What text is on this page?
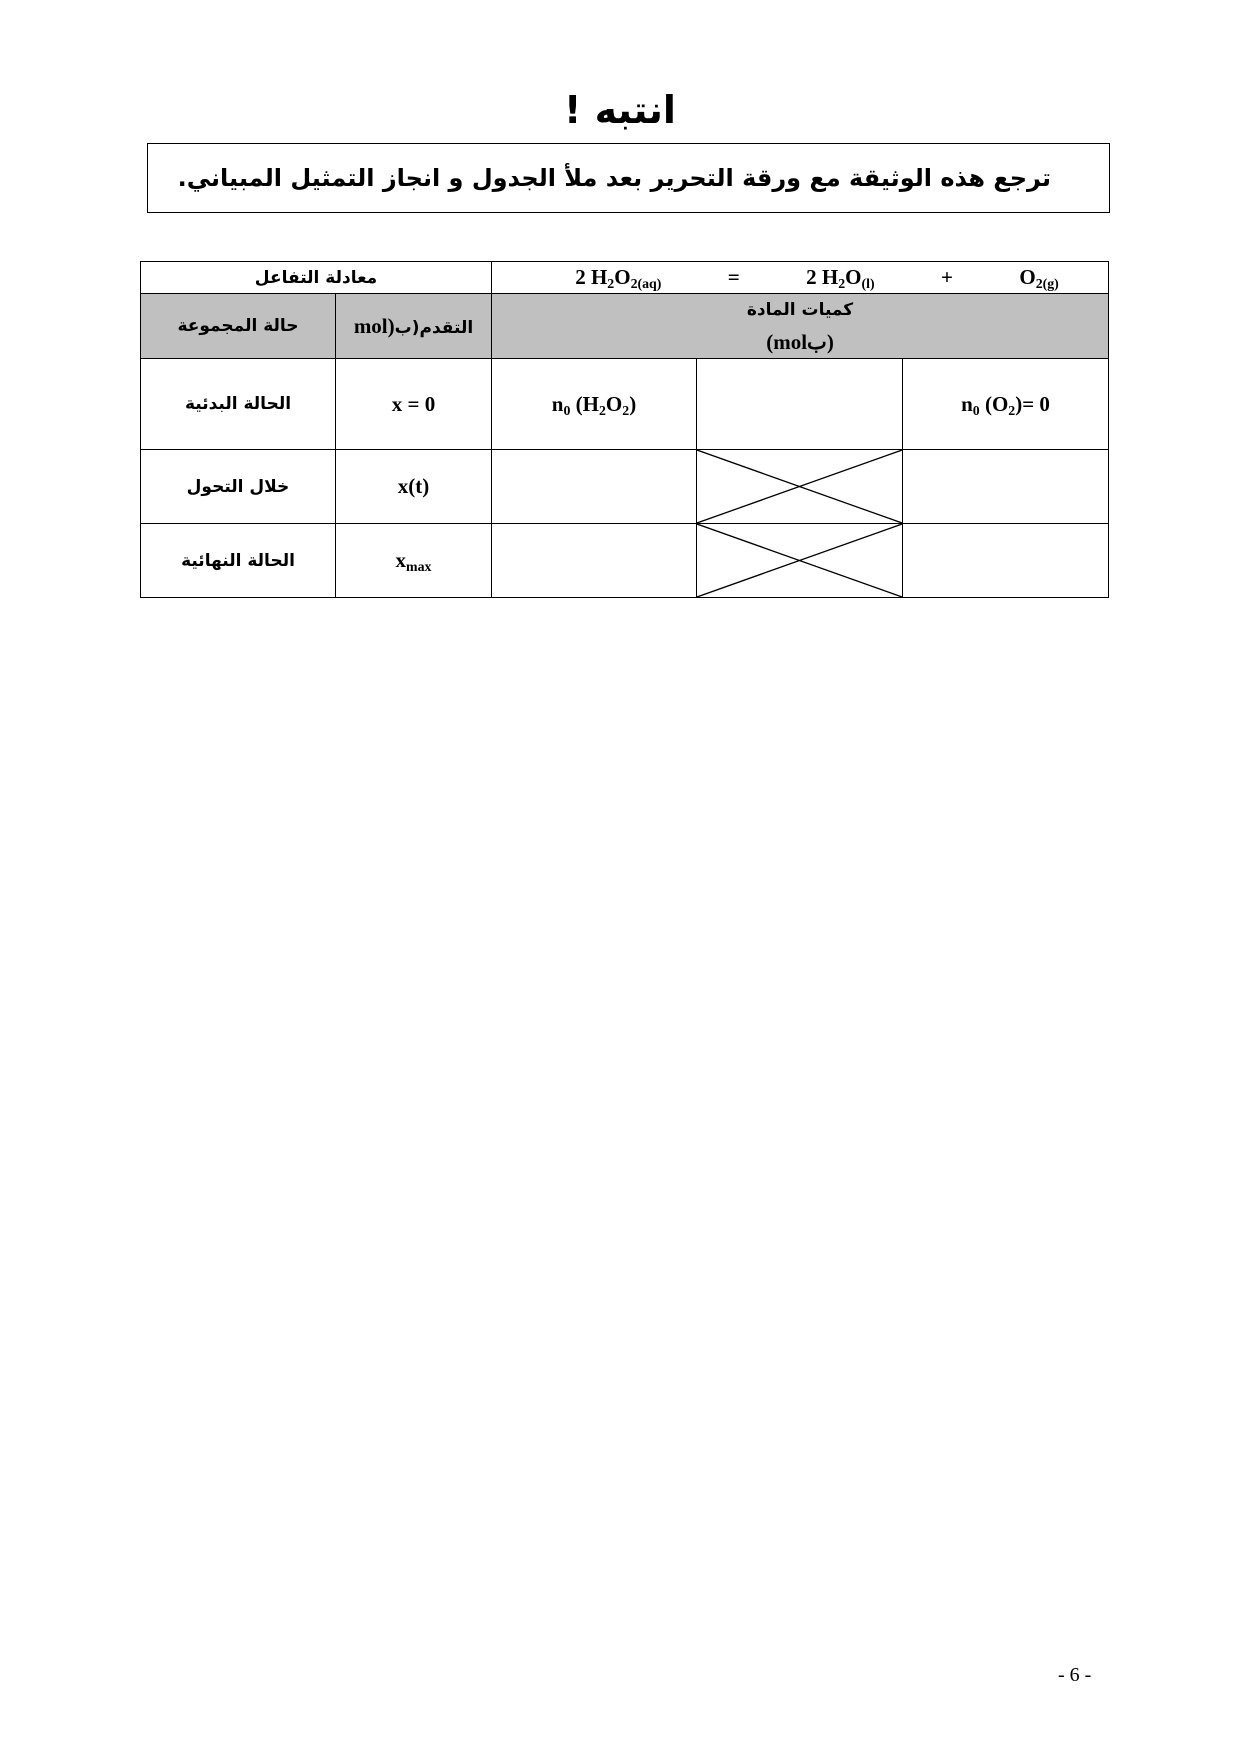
انتبه !
ترجع هذه الوثيقة مع ورقة التحرير بعد ملأ الجدول و انجاز التمثيل المبياني.
معادلة التفاعل		2 $H_2O_{2(aq)} = 2$ $H_2O_{(l)} + O_{2(g)}$

حالة المجموعة	mol)التقدم(ب	كميات المادة
(بmol)		

الحالة البدئية	x = 0	$n_0$ $(H_2O_2)$		$n_0$ $(O_2)= 0$
خلال التحول	x(t)		

الحالة النهائية	$x_{max}$		

- 6 -
